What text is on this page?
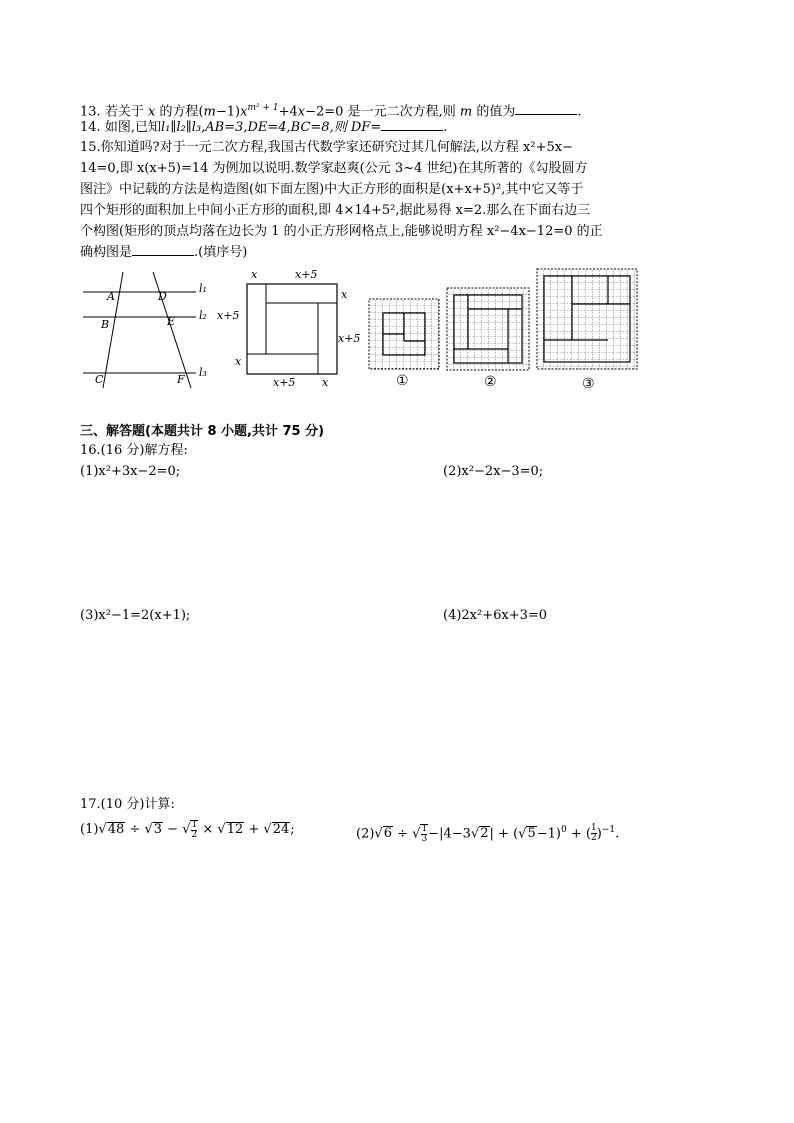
13. 若关于 x 的方程$(m-1)x^{m^2 + 1}+4x-2=0$ 是一元二次方程,则 m 的值为	.
14. 如图,已知l₁∥l₂∥l₃,AB=3,DE=4,BC=8,则 DF=	.
15.你知道吗?对于一元二次方程,我国古代数学家还研究过其几何解法,以方程 x²+5x−
14=0,即 x(x+5)=14 为例加以说明.数学家赵爽(公元 3~4 世纪)在其所著的《勾股圆方
图注》中记载的方法是构造图(如下面左图)中大正方形的面积是(x+x+5)²,其中它又等于
四个矩形的面积加上中间小正方形的面积,即 4×14+5²,据此易得 x=2.那么在下面右边三
个构图(矩形的顶点均落在边长为 1 的小正方形网格点上,能够说明方程 x²−4x−12=0 的正
确构图是	.(填序号)
A	D
B	E
C	F
l₁
l₂
l₃
x	x+5
x
x+5
x+5
x
x+5 x	①	②	③
三、解答题(本题共计 8 小题,共计 75 分)
16.(16 分)解方程:
(1)x²+3x−2=0;	(2)x²−2x−3=0;
(3)x²−1=2(x+1);	(4)2x²+6x+3=0
17.(10 分)计算:
(1)√48 ÷ √3 − √ $\frac{1}{2} \times √12 + √24$;	(2)√6 ÷ √ $\frac{1}{3} -|4-3√2| + (√5-1)^0$ + ( $\frac{1}{2} )^{-1}$.
